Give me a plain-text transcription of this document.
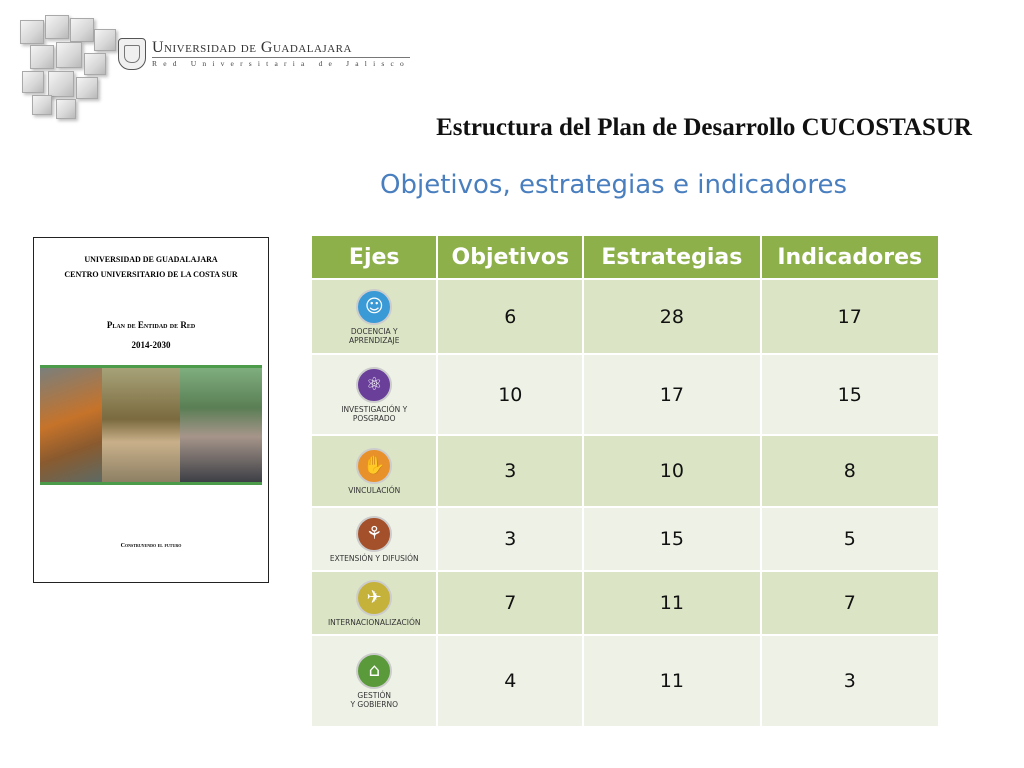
Universidad de Guadalajara
Red Universitaria de Jalisco
Estructura del Plan de Desarrollo CUCOSTASUR
Objetivos, estrategias e indicadores
UNIVERSIDAD DE GUADALAJARA
CENTRO UNIVERSITARIO DE LA COSTA SUR
Plan de Entidad de Red
2014-2030
Construyendo el futuro
Ejes	Objetivos	Estrategias	Indicadores

☺
DOCENCIA Y
APRENDIZAJE	6	28	17

⚛
INVESTIGACIÓN Y
POSGRADO	10	17	15

✋
VINCULACIÓN	3	10	8

⚘
EXTENSIÓN Y DIFUSIÓN	3	15	5

✈
INTERNACIONALIZACIÓN	7	11	7

⌂
GESTIÓN
Y GOBIERNO	4	11	3
